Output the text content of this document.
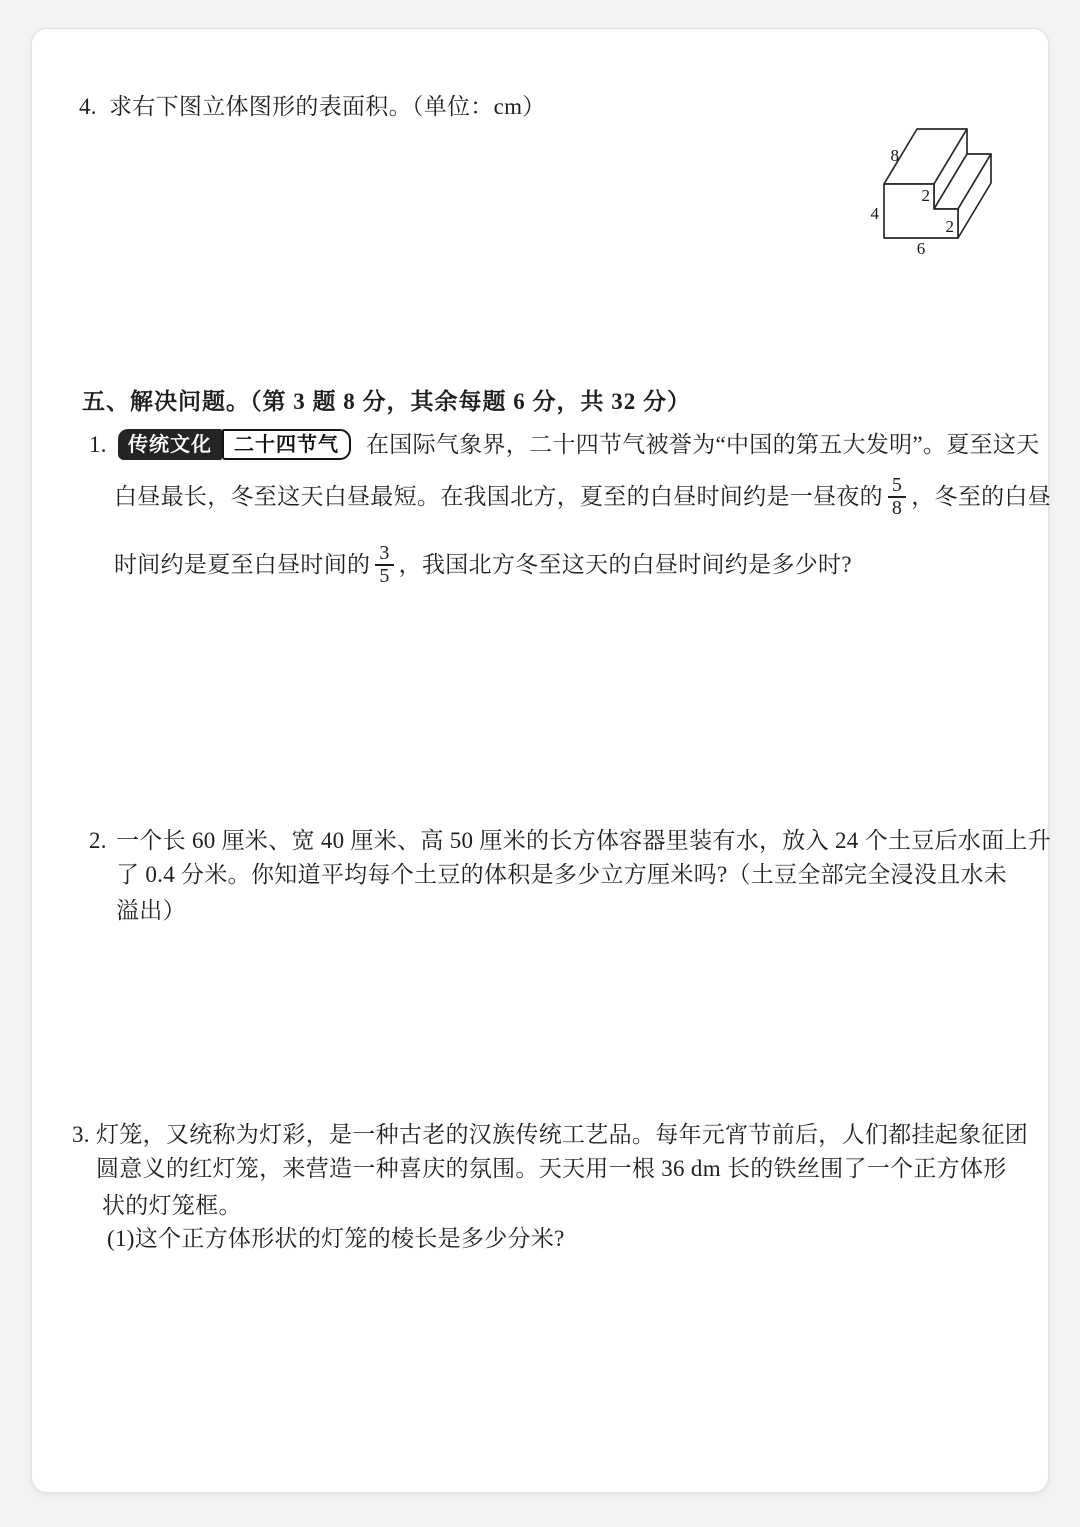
4. 求右下图立体图形的表面积。（单位：cm）
8
4
2
2
6
五、解决问题。（第 3 题 8 分，其余每题 6 分，共 32 分）
1.	传统文化	二十四节气	在国际气象界，二十四节气被誉为“中国的第五大发明”。夏至这天
白昼最长，冬至这天白昼最短。在我国北方，夏至的白昼时间约是一昼夜的 $\frac{5}{8}$ ，冬至的白昼
时间约是夏至白昼时间的 $\frac{3}{5}$ ，我国北方冬至这天的白昼时间约是多少时?
2. 一个长 60 厘米、宽 40 厘米、高 50 厘米的长方体容器里装有水，放入 24 个土豆后水面上升
了 0.4 分米。你知道平均每个土豆的体积是多少立方厘米吗?（土豆全部完全浸没且水未
溢出）
3. 灯笼，又统称为灯彩，是一种古老的汉族传统工艺品。每年元宵节前后，人们都挂起象征团
圆意义的红灯笼，来营造一种喜庆的氛围。天天用一根 36 dm 长的铁丝围了一个正方体形
状的灯笼框。
(1)这个正方体形状的灯笼的棱长是多少分米?
